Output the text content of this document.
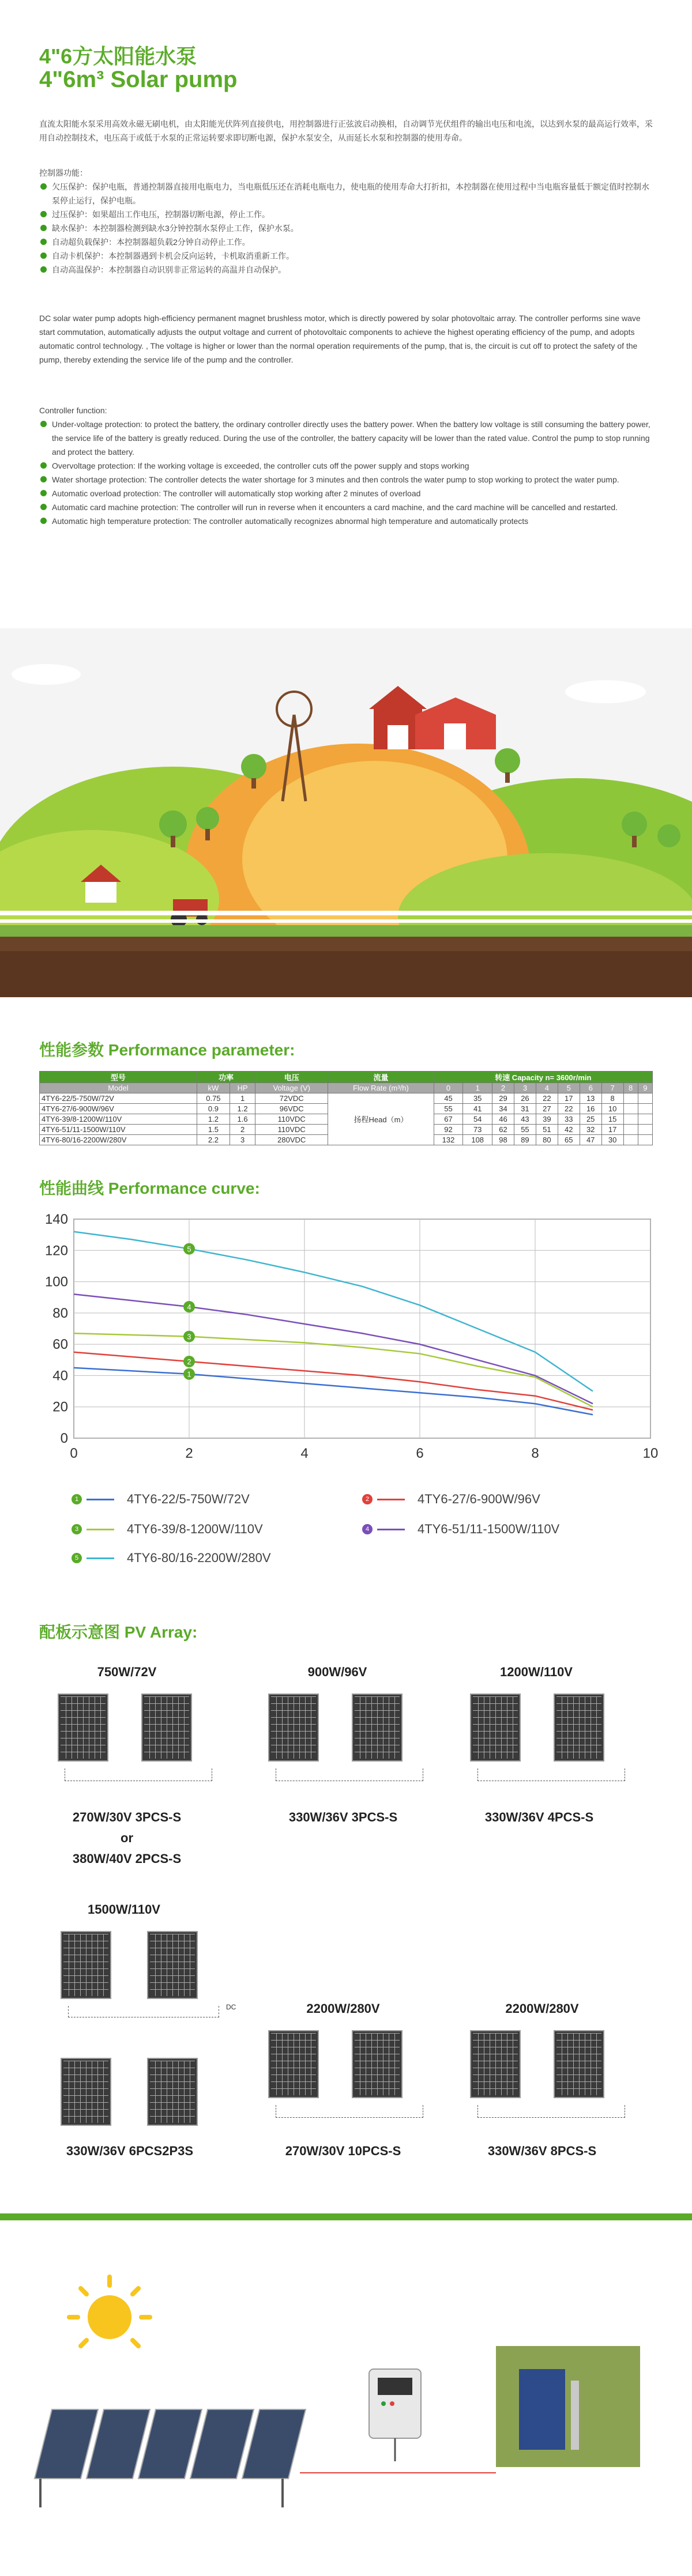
4"6方太阳能水泵
4"6m³ Solar pump
直流太阳能水泵采用高效永磁无刷电机，由太阳能光伏阵列直接供电，用控制器进行正弦波启动换相，自动调节光伏组件的输出电压和电流，以达到水泵的最高运行效率，采用自动控制技术，电压高于或低于水泵的正常运转要求即切断电源，保护水泵安全，从而延长水泵和控制器的使用寿命。
控制器功能：
欠压保护：保护电瓶，普通控制器直接用电瓶电力，当电瓶低压还在消耗电瓶电力，使电瓶的使用寿命大打折扣，本控制器在使用过程中当电瓶容量低于额定值时控制水泵停止运行，保护电瓶。
过压保护：如果超出工作电压，控制器切断电源，停止工作。
缺水保护：本控制器检测到缺水3分钟控制水泵停止工作，保护水泵。
自动超负载保护：本控制器超负载2分钟自动停止工作。
自动卡机保护：本控制器遇到卡机会反向运转，卡机取消重新工作。
自动高温保护：本控制器自动识别非正常运转的高温并自动保护。
DC solar water pump adopts high-efficiency permanent magnet brushless motor, which is directly powered by solar photovoltaic array. The controller performs sine wave start commutation, automatically adjusts the output voltage and current of photovoltaic components to achieve the highest operating efficiency of the pump, and adopts automatic control technology. , The voltage is higher or lower than the normal operation requirements of the pump, that is, the circuit is cut off to protect the safety of the pump, thereby extending the service life of the pump and the controller.
Controller function:
Under-voltage protection: to protect the battery, the ordinary controller directly uses the battery power. When the battery low voltage is still consuming the battery power, the service life of the battery is greatly reduced. During the use of the controller, the battery capacity will be lower than the rated value. Control the pump to stop running and protect the battery.
Overvoltage protection: If the working voltage is exceeded, the controller cuts off the power supply and stops working
Water shortage protection: The controller detects the water shortage for 3 minutes and then controls the water pump to stop working to protect the water pump.
Automatic overload protection: The controller will automatically stop working after 2 minutes of overload
Automatic card machine protection: The controller will run in reverse when it encounters a card machine, and the card machine will be cancelled and restarted.
Automatic high temperature protection: The controller automatically recognizes abnormal high temperature and automatically protects
性能参数 Performance parameter:
型号	功率		电压	流量	转速 Capacity n= 3600r/min									
Model	kW	HP	Voltage (V)	Flow Rate (m³/h)	0	1	2	3	4	5	6	7	8	9
4TY6-22/5-750W/72V	0.75	1	72VDC	扬程Head（m）	45	35	29	26	22	17	13	8		
4TY6-27/6-900W/96V	0.9	1.2	96VDC		55	41	34	31	27	22	16	10		
4TY6-39/8-1200W/110V	1.2	1.6	110VDC		67	54	46	43	39	33	25	15		
4TY6-51/11-1500W/110V	1.5	2	110VDC		92	73	62	55	51	42	32	17		
4TY6-80/16-2200W/280V	2.2	3	280VDC		132	108	98	89	80	65	47	30		
性能曲线 Performance curve:
0
20
40
60
80
100
120
140
0	2	4	6	8	10
1
2
3
4
5
1	4TY6-22/5-750W/72V	2	4TY6-27/6-900W/96V
3	4TY6-39/8-1200W/110V	4	4TY6-51/11-1500W/110V
5	4TY6-80/16-2200W/280V
配板示意图 PV Array:
750W/72V
270W/30V 3PCS-S
or
380W/40V 2PCS-S
900W/96V
330W/36V 3PCS-S
1200W/110V
330W/36V 4PCS-S
1500W/110V
DC
330W/36V 6PCS2P3S
2200W/280V
270W/30V 10PCS-S
2200W/280V
330W/36V 8PCS-S
